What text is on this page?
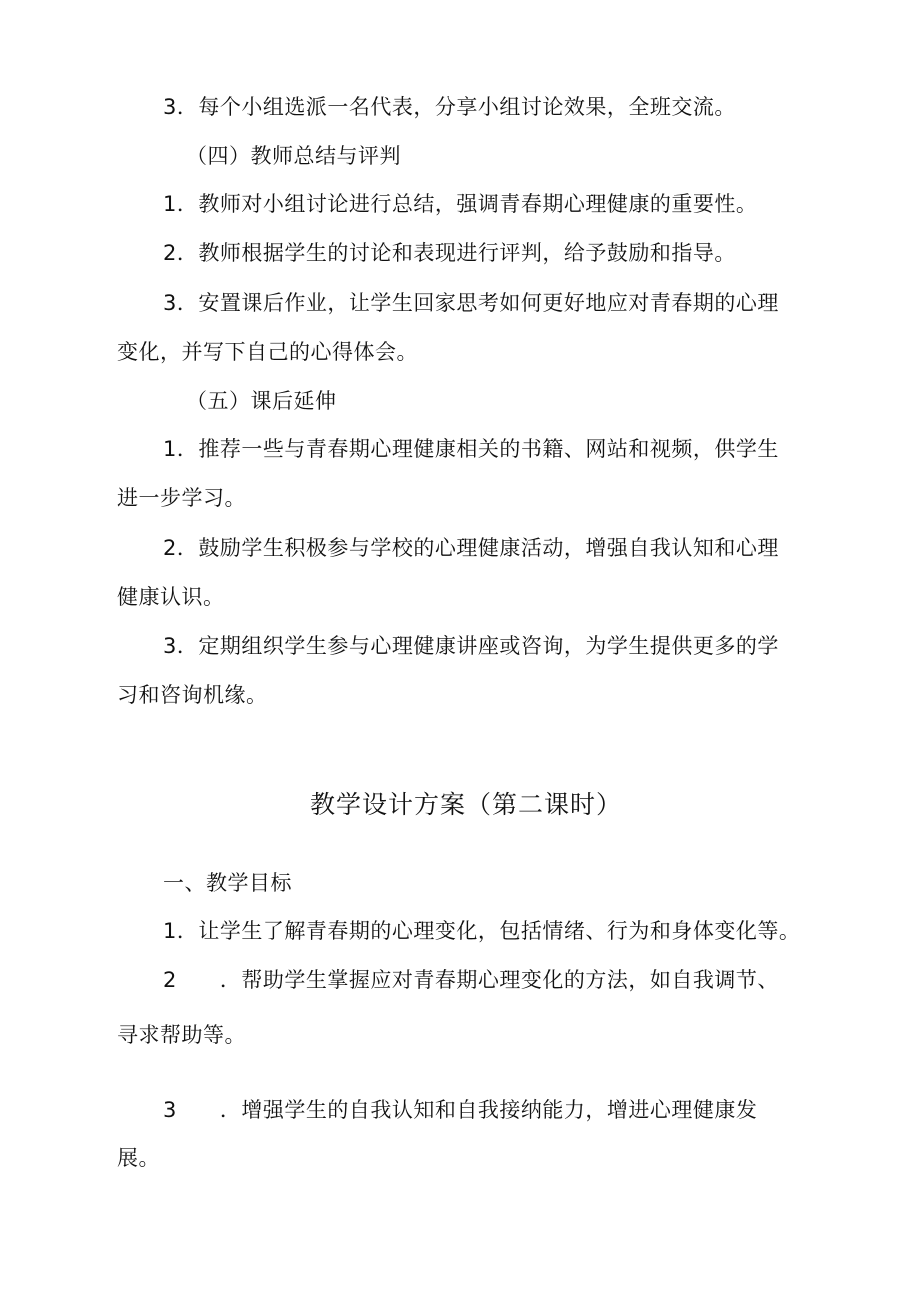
3．每个小组选派一名代表，分享小组讨论效果，全班交流。
（四）教师总结与评判
1．教师对小组讨论进行总结，强调青春期心理健康的重要性。
2．教师根据学生的讨论和表现进行评判，给予鼓励和指导。
3．安置课后作业，让学生回家思考如何更好地应对青春期的心理
变化，并写下自己的心得体会。
（五）课后延伸
1．推荐一些与青春期心理健康相关的书籍、网站和视频，供学生
进一步学习。
2．鼓励学生积极参与学校的心理健康活动，增强自我认知和心理
健康认识。
3．定期组织学生参与心理健康讲座或咨询，为学生提供更多的学
习和咨询机缘。
教学设计方案（第二课时）
一、教学目标
1．让学生了解青春期的心理变化，包括情绪、行为和身体变化等。
2　　．帮助学生掌握应对青春期心理变化的方法，如自我调节、
寻求帮助等。
3　　．增强学生的自我认知和自我接纳能力，增进心理健康发
展。
